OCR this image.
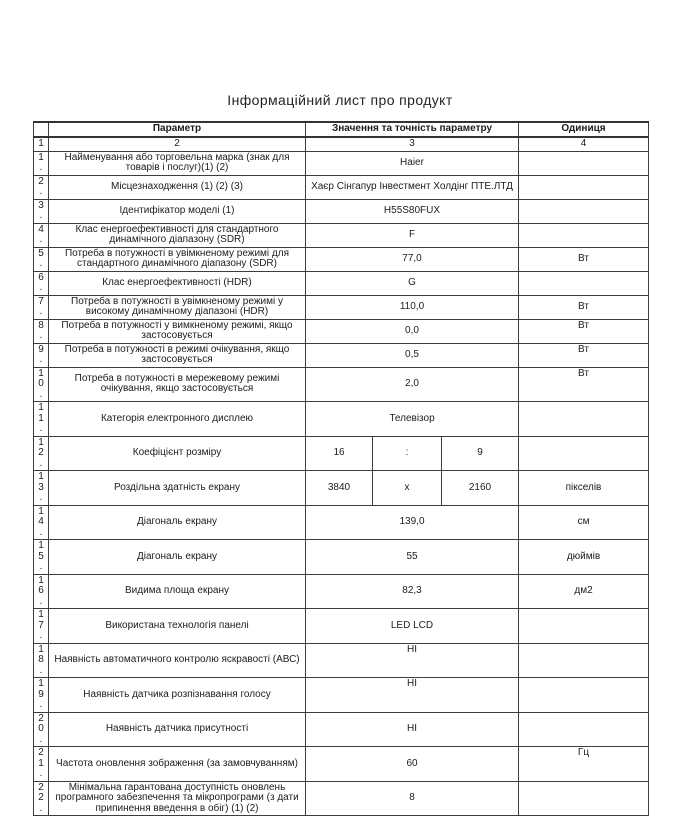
Інформаційний лист про продукт
	Параметр	Значення та точність параметру			Одиниця
1	2	3			4
1.	Найменування або торговельна марка (знак для товарів і послуг)(1) (2)	Haier			
2.	Місцезнаходження (1) (2) (3)	Хаєр Сінгапур Інвестмент Холдінг ПТЕ.ЛТД			
3.	Ідентифікатор моделі (1)	H55S80FUX			
4.	Клас енергоефективності для стандартного динамічного діапазону (SDR)	F			
5.	Потреба в потужності в увімкненому режимі для стандартного динамічного діапазону (SDR)	77,0			Вт
6.	Клас енергоефективності (HDR)	G			
7.	Потреба в потужності в увімкненому режимі у високому динамічному діапазоні (HDR)	110,0			Вт
8.	Потреба в потужності у вимкненому режимі, якщо застосовується	0,0			Вт
9.	Потреба в потужності в режимі очікування, якщо застосовується	0,5			Вт
10.	Потреба в потужності в мережевому режимі очікування, якщо застосовується	2,0			Вт
11.	Категорія електронного дисплею	Телевізор			
12.	Коефіцієнт розміру	16	:	9	
13.	Роздільна здатність екрану	3840	х	2160	пікселів
14.	Діагональ екрану	139,0			см
15.	Діагональ екрану	55			дюймів
16.	Видима площа екрану	82,3			дм2
17.	Використана технологія панелі	LED LCD			
18.	Наявність автоматичного контролю яскравості (АВС)	НІ			
19.	Наявність датчика розпізнавання голосу	НІ			
20.	Наявність датчика присутності	НІ			
21.	Частота оновлення зображення (за замовчуванням)	60			Гц
22.	Мінімальна гарантована доступність оновлень програмного забезпечення та мікропрограми (з дати припинення введення в обіг) (1) (2)	8			
